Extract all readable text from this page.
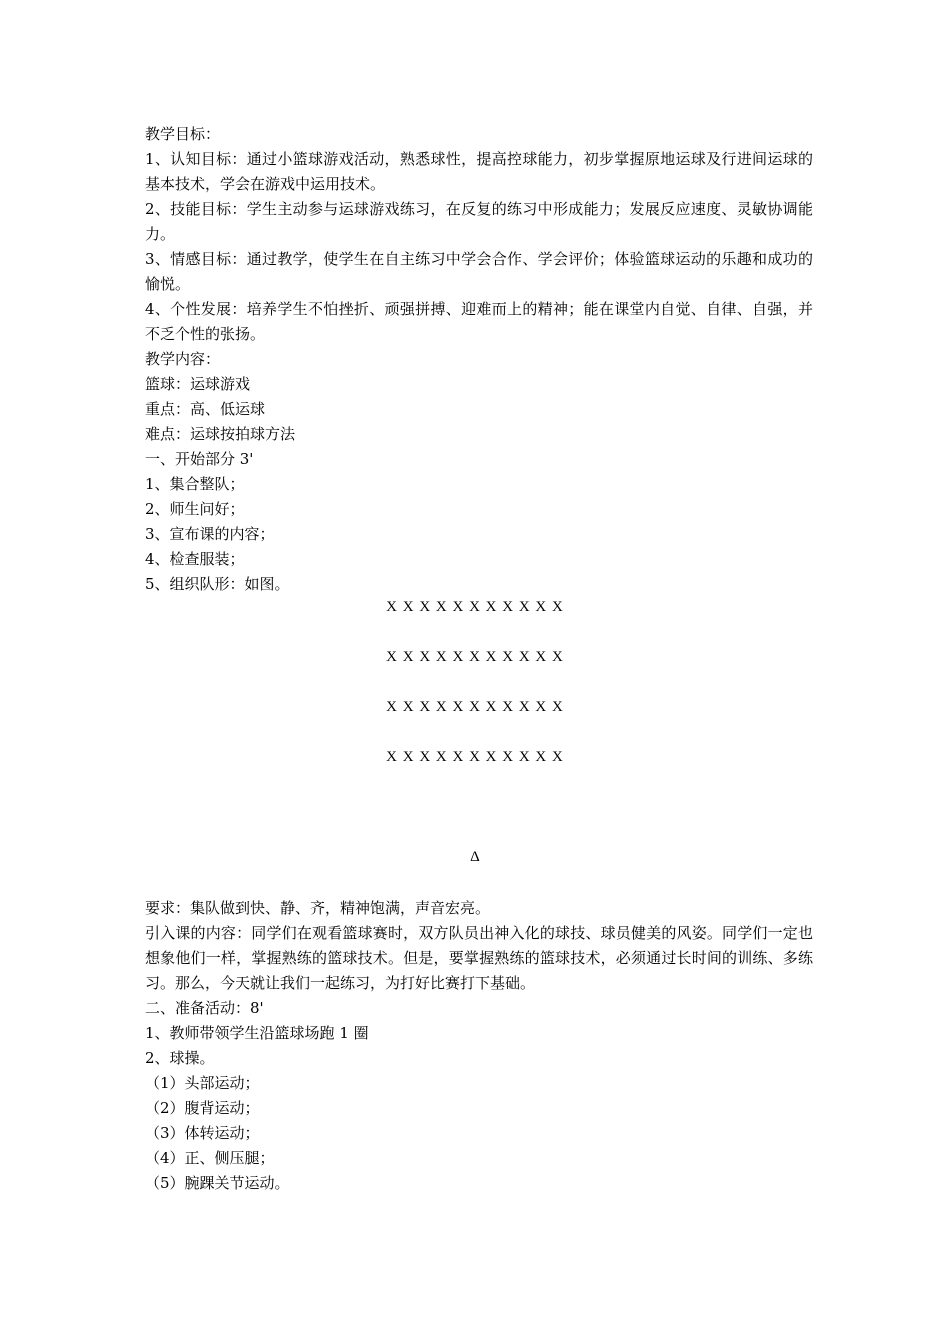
教学目标：

1、认知目标：通过小篮球游戏活动，熟悉球性，提高控球能力，初步掌握原地运球及行进间运球的基本技术，学会在游戏中运用技术。

2、技能目标：学生主动参与运球游戏练习，在反复的练习中形成能力；发展反应速度、灵敏协调能力。

3、情感目标：通过教学，使学生在自主练习中学会合作、学会评价；体验篮球运动的乐趣和成功的愉悦。

4、个性发展：培养学生不怕挫折、顽强拼搏、迎难而上的精神；能在课堂内自觉、自律、自强，并不乏个性的张扬。

教学内容：

篮球：运球游戏

重点：高、低运球

难点：运球按拍球方法

一、开始部分 3'

1、集合整队；

2、师生问好；

3、宣布课的内容；

4、检查服装；

5、组织队形：如图。

X X X X X X X X X X X
X X X X X X X X X X X
X X X X X X X X X X X
X X X X X X X X X X X
Δ

要求：集队做到快、静、齐，精神饱满，声音宏亮。

引入课的内容：同学们在观看篮球赛时，双方队员出神入化的球技、球员健美的风姿。同学们一定也想象他们一样，掌握熟练的篮球技术。但是，要掌握熟练的篮球技术，必须通过长时间的训练、多练习。那么，今天就让我们一起练习，为打好比赛打下基础。

二、准备活动：8'

1、教师带领学生沿篮球场跑 1 圈

2、球操。

（1）头部运动；

（2）腹背运动；

（3）体转运动；

（4）正、侧压腿；

（5）腕踝关节运动。
